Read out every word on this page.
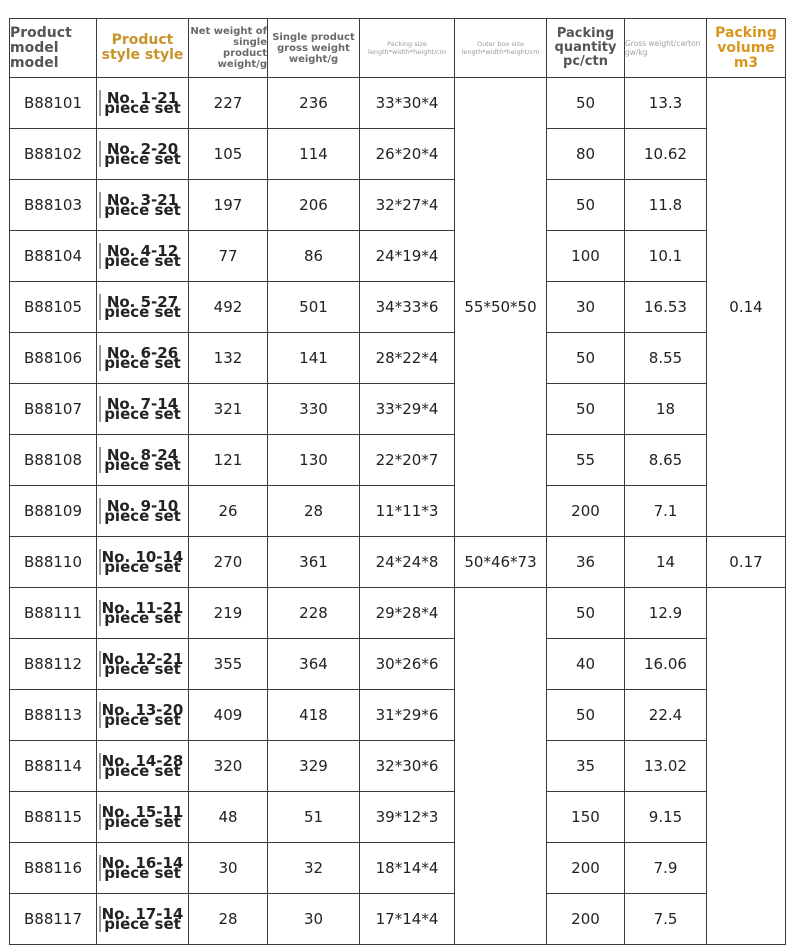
Product model model	Product style style	Net weight of single product weight/g	Single product gross weight weight/g	Packing size length*width*height/cm	Outer box size length*width*height/cm	Packing quantity pc/ctn	Gross weight/carton gw/kg	Packing volume m3
B88101	No. 1-21 piece set	227	236	33*30*4	55*50*50	50	13.3	0.14
B88102	No. 2-20 piece set	105	114	26*20*4		80	10.62	
B88103	No. 3-21 piece set	197	206	32*27*4		50	11.8	
B88104	No. 4-12 piece set	77	86	24*19*4		100	10.1	
B88105	No. 5-27 piece set	492	501	34*33*6		30	16.53	
B88106	No. 6-26 piece set	132	141	28*22*4		50	8.55	
B88107	No. 7-14 piece set	321	330	33*29*4		50	18	
B88108	No. 8-24 piece set	121	130	22*20*7		55	8.65	
B88109	No. 9-10 piece set	26	28	11*11*3		200	7.1	
B88110	No. 10-14 piece set	270	361	24*24*8	50*46*73	36	14	0.17
B88111	No. 11-21 piece set	219	228	29*28*4		50	12.9	
B88112	No. 12-21 piece set	355	364	30*26*6		40	16.06	
B88113	No. 13-20 piece set	409	418	31*29*6		50	22.4	
B88114	No. 14-28 piece set	320	329	32*30*6		35	13.02	
B88115	No. 15-11 piece set	48	51	39*12*3		150	9.15	
B88116	No. 16-14 piece set	30	32	18*14*4		200	7.9	
B88117	No. 17-14 piece set	28	30	17*14*4		200	7.5	
